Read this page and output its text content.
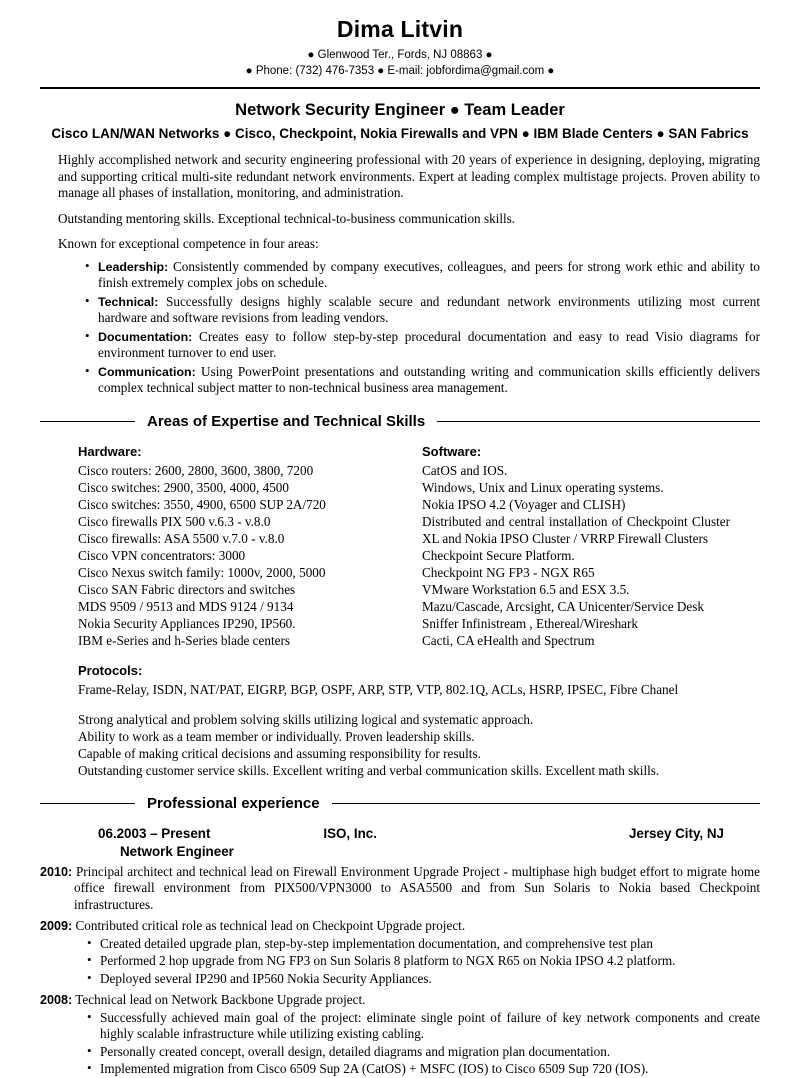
Dima Litvin
● Glenwood Ter., Fords, NJ 08863 ●
● Phone: (732) 476-7353 ● E-mail: jobfordima@gmail.com ●
Network Security Engineer ● Team Leader
Cisco LAN/WAN Networks ● Cisco, Checkpoint, Nokia Firewalls and VPN ● IBM Blade Centers ● SAN Fabrics
Highly accomplished network and security engineering professional with 20 years of experience in designing, deploying, migrating and supporting critical multi-site redundant network environments. Expert at leading complex multistage projects. Proven ability to manage all phases of installation, monitoring, and administration.
Outstanding mentoring skills. Exceptional technical-to-business communication skills.
Known for exceptional competence in four areas:
• Leadership: Consistently commended by company executives, colleagues, and peers for strong work ethic and ability to finish extremely complex jobs on schedule.
• Technical: Successfully designs highly scalable secure and redundant network environments utilizing most current hardware and software revisions from leading vendors.
• Documentation: Creates easy to follow step-by-step procedural documentation and easy to read Visio diagrams for environment turnover to end user.
• Communication: Using PowerPoint presentations and outstanding writing and communication skills efficiently delivers complex technical subject matter to non-technical business area management.
Areas of Expertise and Technical Skills
Hardware:
Cisco routers: 2600, 2800, 3600, 3800, 7200
Cisco switches: 2900, 3500, 4000, 4500
Cisco switches: 3550, 4900, 6500 SUP 2A/720
Cisco firewalls PIX 500 v.6.3 - v.8.0
Cisco firewalls: ASA 5500 v.7.0 - v.8.0
Cisco VPN concentrators: 3000
Cisco Nexus switch family: 1000v, 2000, 5000
Cisco SAN Fabric directors and switches
MDS 9509 / 9513 and MDS 9124 / 9134
Nokia Security Appliances IP290, IP560.
IBM e-Series and h-Series blade centers
Software:
CatOS and IOS.
Windows, Unix and Linux operating systems.
Nokia IPSO 4.2 (Voyager and CLISH)
Distributed and central installation of Checkpoint Cluster XL and Nokia IPSO Cluster / VRRP Firewall Clusters
Checkpoint Secure Platform.
Checkpoint NG FP3 - NGX R65
VMware Workstation 6.5 and ESX 3.5.
Mazu/Cascade, Arcsight, CA Unicenter/Service Desk
Sniffer Infinistream , Ethereal/Wireshark
Cacti, CA eHealth and Spectrum
Protocols:
Frame-Relay, ISDN, NAT/PAT, EIGRP, BGP, OSPF, ARP, STP, VTP, 802.1Q, ACLs, HSRP, IPSEC, Fibre Chanel
Strong analytical and problem solving skills utilizing logical and systematic approach.
Ability to work as a team member or individually. Proven leadership skills.
Capable of making critical decisions and assuming responsibility for results.
Outstanding customer service skills. Excellent writing and verbal communication skills. Excellent math skills.
Professional experience
06.2003 – Present	ISO, Inc.	Jersey City, NJ
Network Engineer
2010: Principal architect and technical lead on Firewall Environment Upgrade Project - multiphase high budget effort to migrate home office firewall environment from PIX500/VPN3000 to ASA5500 and from Sun Solaris to Nokia based Checkpoint infrastructures.
2009: Contributed critical role as technical lead on Checkpoint Upgrade project.
• Created detailed upgrade plan, step-by-step implementation documentation, and comprehensive test plan
• Performed 2 hop upgrade from NG FP3 on Sun Solaris 8 platform to NGX R65 on Nokia IPSO 4.2 platform.
• Deployed several IP290 and IP560 Nokia Security Appliances.
2008: Technical lead on Network Backbone Upgrade project.
• Successfully achieved main goal of the project: eliminate single point of failure of key network components and create highly scalable infrastructure while utilizing existing cabling.
• Personally created concept, overall design, detailed diagrams and migration plan documentation.
• Implemented migration from Cisco 6509 Sup 2A (CatOS) + MSFC (IOS) to Cisco 6509 Sup 720 (IOS).
